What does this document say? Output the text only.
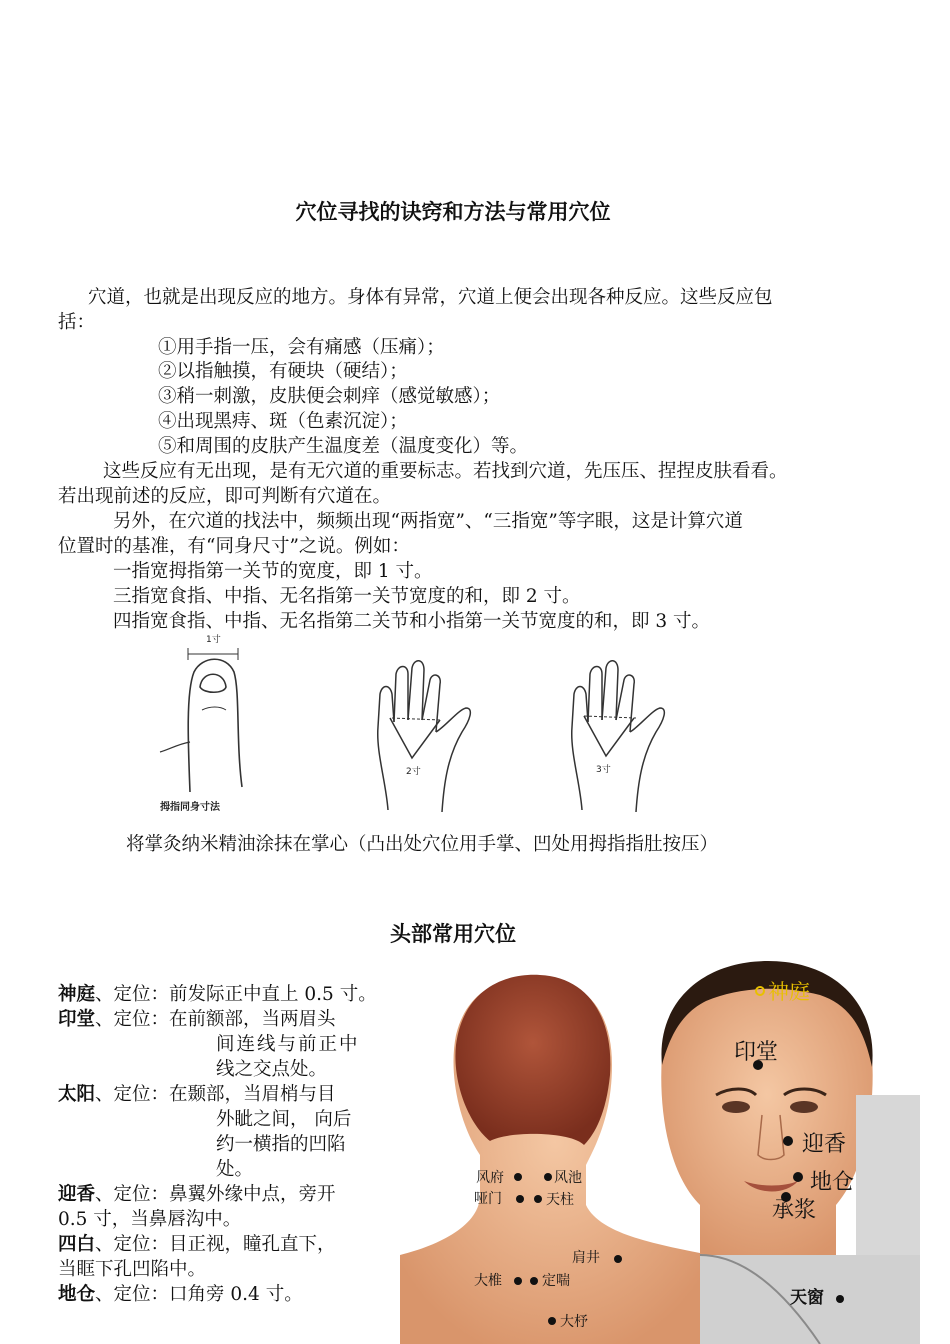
穴位寻找的诀窍和方法与常用穴位
穴道，也就是出现反应的地方。身体有异常，穴道上便会出现各种反应。这些反应包
括：
①用手指一压，会有痛感（压痛）；
②以指触摸，有硬块（硬结）；
③稍一刺激，皮肤便会刺痒（感觉敏感）；
④出现黑痔、斑（色素沉淀）；
⑤和周围的皮肤产生温度差（温度变化）等。
这些反应有无出现，是有无穴道的重要标志。若找到穴道，先压压、捏捏皮肤看看。
若出现前述的反应，即可判断有穴道在。
另外，在穴道的找法中，频频出现“两指宽”、“三指宽”等字眼，这是计算穴道
位置时的基准，有“同身尺寸”之说。例如：
一指宽拇指第一关节的宽度，即 1 寸。
三指宽食指、中指、无名指第一关节宽度的和，即 2 寸。
四指宽食指、中指、无名指第二关节和小指第一关节宽度的和，即 3 寸。
1寸
拇指同身寸法
2寸	3寸
将掌灸纳米精油涂抹在掌心（凸出处穴位用手掌、凹处用拇指指肚按压）
头部常用穴位
神庭、定位：前发际正中直上 0.5 寸。
印堂、定位：在前额部，当两眉头
间连线与前正中
线之交点处。
太阳、定位：在颞部，当眉梢与目
外眦之间， 向后
约一横指的凹陷
处。
迎香、定位：鼻翼外缘中点，旁开
0.5 寸，当鼻唇沟中。
四白、定位：目正视，瞳孔直下，
当眶下孔凹陷中。
地仓、定位：口角旁 0.4 寸。
神庭
印堂
迎香
地仓
承浆
风府	风池
哑门	天柱
肩井
大椎	定喘
大杼
天窗
